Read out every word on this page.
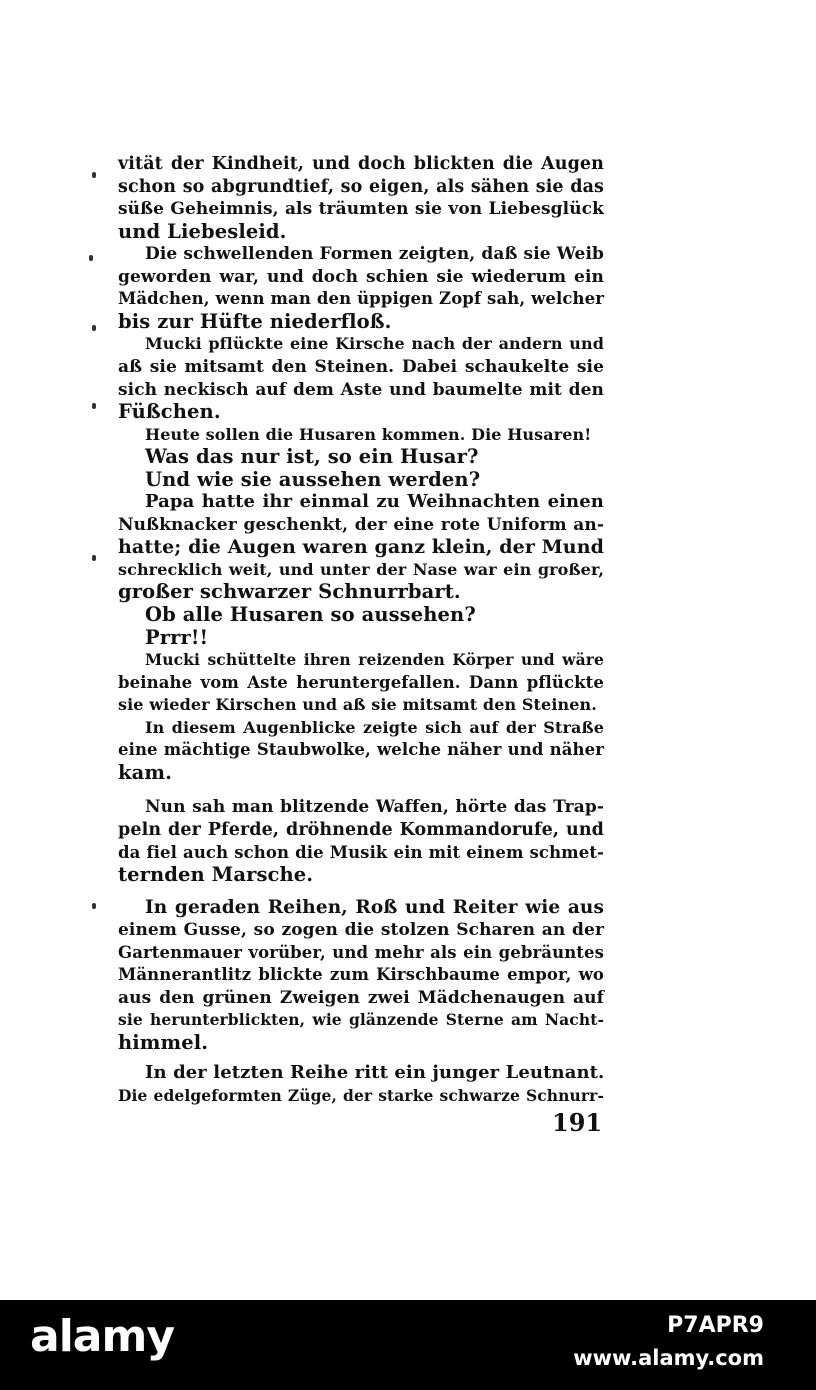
vität der Kindheit, und doch blickten die Augen
schon so abgrundtief, so eigen, als sähen sie das
süße Geheimnis, als träumten sie von Liebesglück
und Liebesleid.
Die schwellenden Formen zeigten, daß sie Weib
geworden war, und doch schien sie wiederum ein
Mädchen, wenn man den üppigen Zopf sah, welcher
bis zur Hüfte niederfloß.
Mucki pflückte eine Kirsche nach der andern und
aß sie mitsamt den Steinen. Dabei schaukelte sie
sich neckisch auf dem Aste und baumelte mit den
Füßchen.
Heute sollen die Husaren kommen. Die Husaren!
Was das nur ist, so ein Husar?
Und wie sie aussehen werden?
Papa hatte ihr einmal zu Weihnachten einen
Nußknacker geschenkt, der eine rote Uniform an-
hatte; die Augen waren ganz klein, der Mund
schrecklich weit, und unter der Nase war ein großer,
großer schwarzer Schnurrbart.
Ob alle Husaren so aussehen?
Prrr!!
Mucki schüttelte ihren reizenden Körper und wäre
beinahe vom Aste heruntergefallen. Dann pflückte
sie wieder Kirschen und aß sie mitsamt den Steinen.
In diesem Augenblicke zeigte sich auf der Straße
eine mächtige Staubwolke, welche näher und näher
kam.
Nun sah man blitzende Waffen, hörte das Trap-
peln der Pferde, dröhnende Kommandorufe, und
da fiel auch schon die Musik ein mit einem schmet-
ternden Marsche.
In geraden Reihen, Roß und Reiter wie aus
einem Gusse, so zogen die stolzen Scharen an der
Gartenmauer vorüber, und mehr als ein gebräuntes
Männerantlitz blickte zum Kirschbaume empor, wo
aus den grünen Zweigen zwei Mädchenaugen auf
sie herunterblickten, wie glänzende Sterne am Nacht-
himmel.
In der letzten Reihe ritt ein junger Leutnant.
Die edelgeformten Züge, der starke schwarze Schnurr-
191
alamy	P7APR9
www.alamy.com
